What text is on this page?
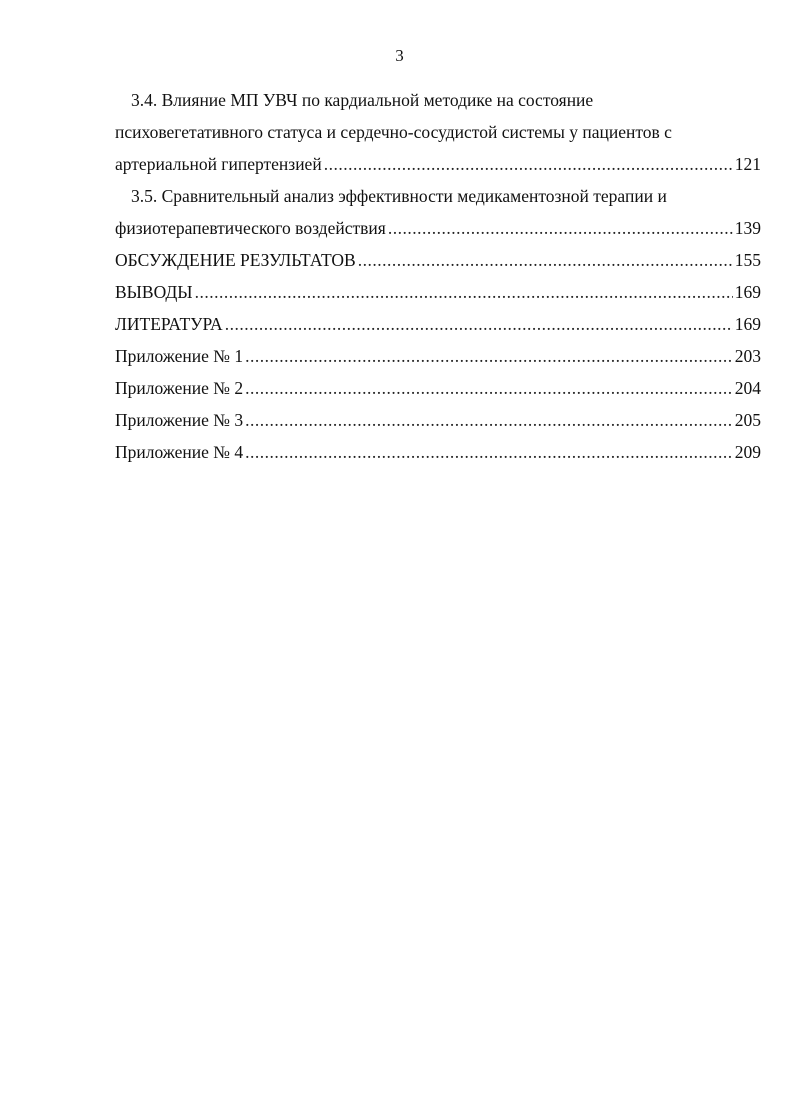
3
3.4. Влияние МП УВЧ по кардиальной методике на состояние
психовегетативного статуса и сердечно-сосудистой системы у пациентов с
артериальной гипертензией .....	121
3.5. Сравнительный анализ эффективности медикаментозной терапии и
физиотерапевтического воздействия .....	139
ОБСУЖДЕНИЕ РЕЗУЛЬТАТОВ .....	155
ВЫВОДЫ .....	169
ЛИТЕРАТУРА .....	169
Приложение № 1 .....	203
Приложение № 2 .....	204
Приложение № 3 .....	205
Приложение № 4 .....	209
